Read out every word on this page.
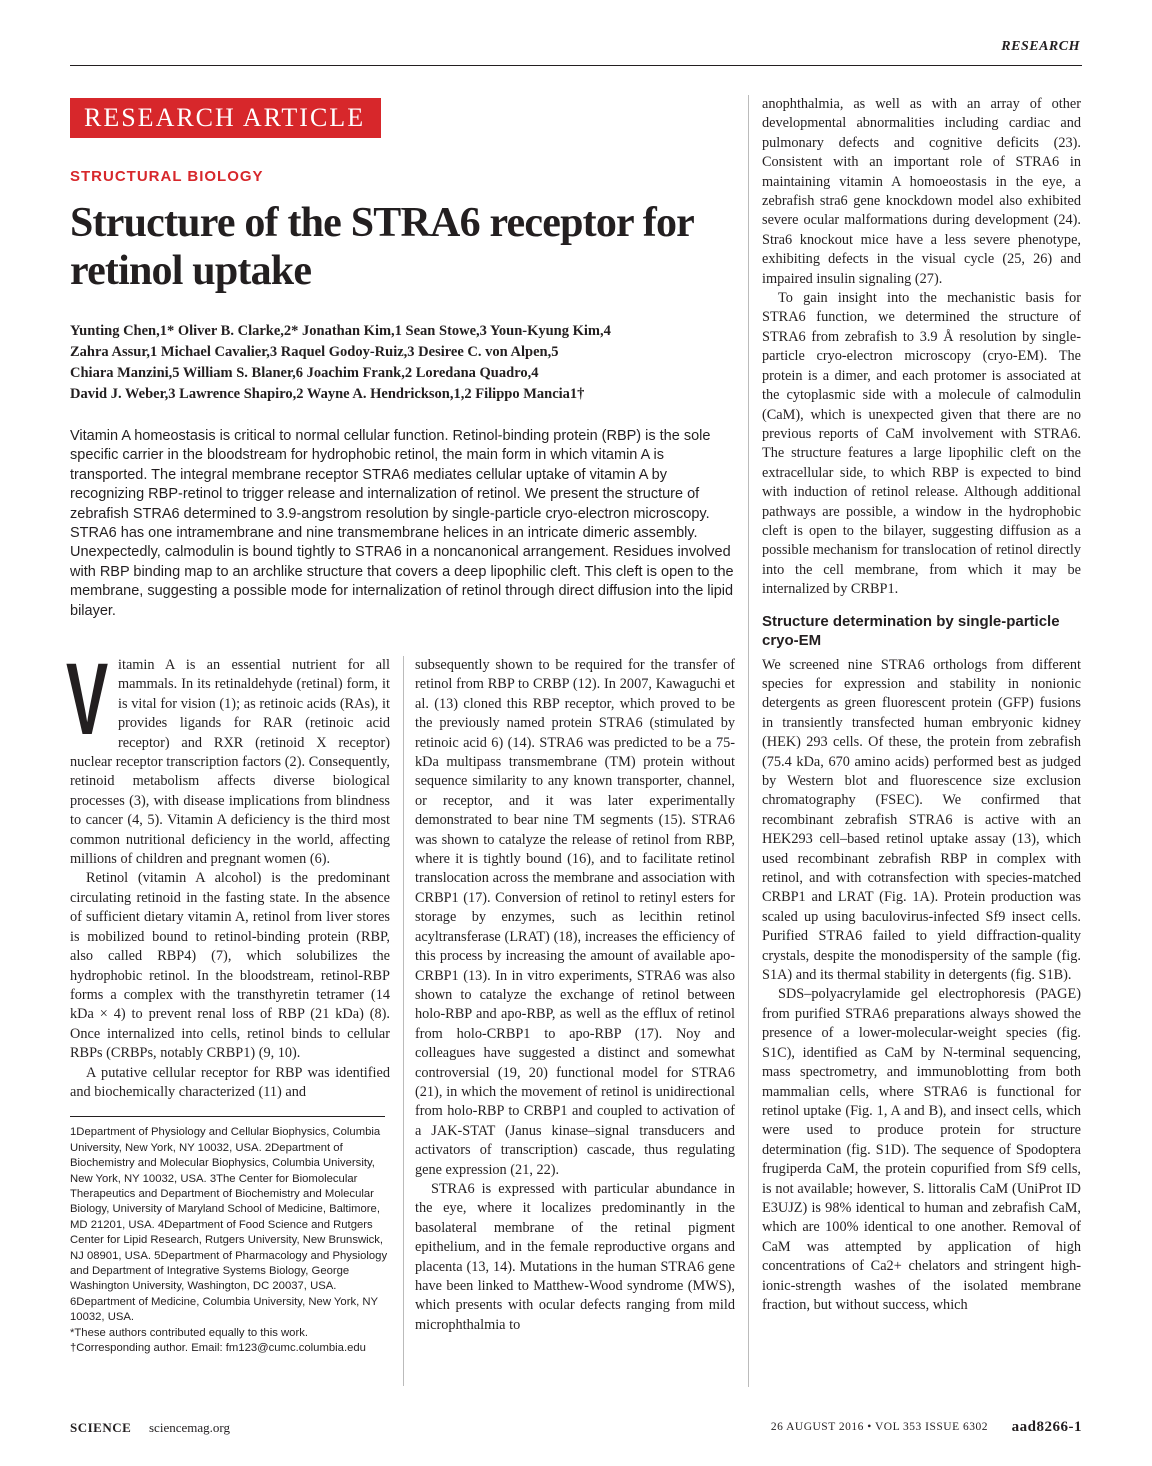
RESEARCH
RESEARCH ARTICLE
STRUCTURAL BIOLOGY
Structure of the STRA6 receptor for retinol uptake
Yunting Chen,1* Oliver B. Clarke,2* Jonathan Kim,1 Sean Stowe,3 Youn-Kyung Kim,4
Zahra Assur,1 Michael Cavalier,3 Raquel Godoy-Ruiz,3 Desiree C. von Alpen,5
Chiara Manzini,5 William S. Blaner,6 Joachim Frank,2 Loredana Quadro,4
David J. Weber,3 Lawrence Shapiro,2 Wayne A. Hendrickson,1,2 Filippo Mancia1†
Vitamin A homeostasis is critical to normal cellular function. Retinol-binding protein (RBP) is the sole specific carrier in the bloodstream for hydrophobic retinol, the main form in which vitamin A is transported. The integral membrane receptor STRA6 mediates cellular uptake of vitamin A by recognizing RBP-retinol to trigger release and internalization of retinol. We present the structure of zebrafish STRA6 determined to 3.9-angstrom resolution by single-particle cryo-electron microscopy. STRA6 has one intramembrane and nine transmembrane helices in an intricate dimeric assembly. Unexpectedly, calmodulin is bound tightly to STRA6 in a noncanonical arrangement. Residues involved with RBP binding map to an archlike structure that covers a deep lipophilic cleft. This cleft is open to the membrane, suggesting a possible mode for internalization of retinol through direct diffusion into the lipid bilayer.

Vitamin A is an essential nutrient for all mammals. In its retinaldehyde (retinal) form, it is vital for vision (1); as retinoic acids (RAs), it provides ligands for RAR (retinoic acid receptor) and RXR (retinoid X receptor) nuclear receptor transcription factors (2). Consequently, retinoid metabolism affects diverse biological processes (3), with disease implications from blindness to cancer (4, 5). Vitamin A deficiency is the third most common nutritional deficiency in the world, affecting millions of children and pregnant women (6).

Retinol (vitamin A alcohol) is the predominant circulating retinoid in the fasting state. In the absence of sufficient dietary vitamin A, retinol from liver stores is mobilized bound to retinol-binding protein (RBP, also called RBP4) (7), which solubilizes the hydrophobic retinol. In the bloodstream, retinol-RBP forms a complex with the transthyretin tetramer (14 kDa × 4) to prevent renal loss of RBP (21 kDa) (8). Once internalized into cells, retinol binds to cellular RBPs (CRBPs, notably CRBP1) (9, 10).

A putative cellular receptor for RBP was identified and biochemically characterized (11) and

1Department of Physiology and Cellular Biophysics, Columbia University, New York, NY 10032, USA. 2Department of Biochemistry and Molecular Biophysics, Columbia University, New York, NY 10032, USA. 3The Center for Biomolecular Therapeutics and Department of Biochemistry and Molecular Biology, University of Maryland School of Medicine, Baltimore, MD 21201, USA. 4Department of Food Science and Rutgers Center for Lipid Research, Rutgers University, New Brunswick, NJ 08901, USA. 5Department of Pharmacology and Physiology and Department of Integrative Systems Biology, George Washington University, Washington, DC 20037, USA. 6Department of Medicine, Columbia University, New York, NY 10032, USA.
*These authors contributed equally to this work. †Corresponding author. Email: fm123@cumc.columbia.edu

subsequently shown to be required for the transfer of retinol from RBP to CRBP (12). In 2007, Kawaguchi et al. (13) cloned this RBP receptor, which proved to be the previously named protein STRA6 (stimulated by retinoic acid 6) (14). STRA6 was predicted to be a 75-kDa multipass transmembrane (TM) protein without sequence similarity to any known transporter, channel, or receptor, and it was later experimentally demonstrated to bear nine TM segments (15). STRA6 was shown to catalyze the release of retinol from RBP, where it is tightly bound (16), and to facilitate retinol translocation across the membrane and association with CRBP1 (17). Conversion of retinol to retinyl esters for storage by enzymes, such as lecithin retinol acyltransferase (LRAT) (18), increases the efficiency of this process by increasing the amount of available apo-CRBP1 (13). In in vitro experiments, STRA6 was also shown to catalyze the exchange of retinol between holo-RBP and apo-RBP, as well as the efflux of retinol from holo-CRBP1 to apo-RBP (17). Noy and colleagues have suggested a distinct and somewhat controversial (19, 20) functional model for STRA6 (21), in which the movement of retinol is unidirectional from holo-RBP to CRBP1 and coupled to activation of a JAK-STAT (Janus kinase–signal transducers and activators of transcription) cascade, thus regulating gene expression (21, 22).

STRA6 is expressed with particular abundance in the eye, where it localizes predominantly in the basolateral membrane of the retinal pigment epithelium, and in the female reproductive organs and placenta (13, 14). Mutations in the human STRA6 gene have been linked to Matthew-Wood syndrome (MWS), which presents with ocular defects ranging from mild microphthalmia to

anophthalmia, as well as with an array of other developmental abnormalities including cardiac and pulmonary defects and cognitive deficits (23). Consistent with an important role of STRA6 in maintaining vitamin A homoeostasis in the eye, a zebrafish stra6 gene knockdown model also exhibited severe ocular malformations during development (24). Stra6 knockout mice have a less severe phenotype, exhibiting defects in the visual cycle (25, 26) and impaired insulin signaling (27).

To gain insight into the mechanistic basis for STRA6 function, we determined the structure of STRA6 from zebrafish to 3.9 Å resolution by single-particle cryo-electron microscopy (cryo-EM). The protein is a dimer, and each protomer is associated at the cytoplasmic side with a molecule of calmodulin (CaM), which is unexpected given that there are no previous reports of CaM involvement with STRA6. The structure features a large lipophilic cleft on the extracellular side, to which RBP is expected to bind with induction of retinol release. Although additional pathways are possible, a window in the hydrophobic cleft is open to the bilayer, suggesting diffusion as a possible mechanism for translocation of retinol directly into the cell membrane, from which it may be internalized by CRBP1.

Structure determination by single-particle cryo-EM

We screened nine STRA6 orthologs from different species for expression and stability in nonionic detergents as green fluorescent protein (GFP) fusions in transiently transfected human embryonic kidney (HEK) 293 cells. Of these, the protein from zebrafish (75.4 kDa, 670 amino acids) performed best as judged by Western blot and fluorescence size exclusion chromatography (FSEC). We confirmed that recombinant zebrafish STRA6 is active with an HEK293 cell–based retinol uptake assay (13), which used recombinant zebrafish RBP in complex with retinol, and with cotransfection with species-matched CRBP1 and LRAT (Fig. 1A). Protein production was scaled up using baculovirus-infected Sf9 insect cells. Purified STRA6 failed to yield diffraction-quality crystals, despite the monodispersity of the sample (fig. S1A) and its thermal stability in detergents (fig. S1B).

SDS–polyacrylamide gel electrophoresis (PAGE) from purified STRA6 preparations always showed the presence of a lower-molecular-weight species (fig. S1C), identified as CaM by N-terminal sequencing, mass spectrometry, and immunoblotting from both mammalian cells, where STRA6 is functional for retinol uptake (Fig. 1, A and B), and insect cells, which were used to produce protein for structure determination (fig. S1D). The sequence of Spodoptera frugiperda CaM, the protein copurified from Sf9 cells, is not available; however, S. littoralis CaM (UniProt ID E3UJZ) is 98% identical to human and zebrafish CaM, which are 100% identical to one another. Removal of CaM was attempted by application of high concentrations of Ca2+ chelators and stringent high-ionic-strength washes of the isolated membrane fraction, but without success, which

SCIENCE sciencemag.org	26 AUGUST 2016 • VOL 353 ISSUE 6302 aad8266-1
